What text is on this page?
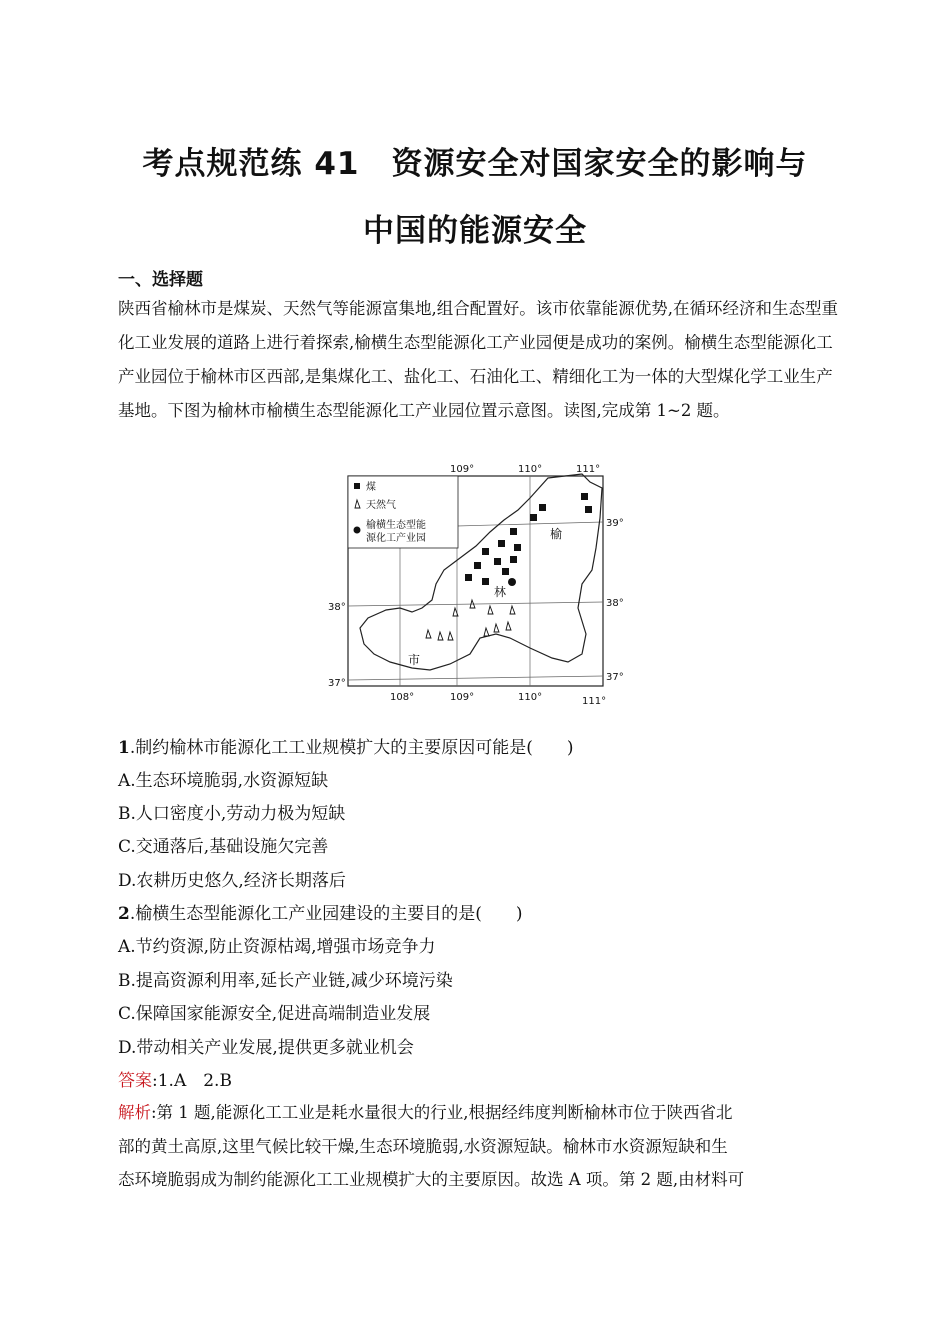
考点规范练 41　资源安全对国家安全的影响与
中国的能源安全
一、选择题
陕西省榆林市是煤炭、天然气等能源富集地,组合配置好。该市依靠能源优势,在循环经济和生态型重化工业发展的道路上进行着探索,榆横生态型能源化工产业园便是成功的案例。榆横生态型能源化工产业园位于榆林市区西部,是集煤化工、盐化工、石油化工、精细化工为一体的大型煤化学工业生产基地。下图为榆林市榆横生态型能源化工产业园位置示意图。读图,完成第 1~2 题。
煤
天然气
榆横生态型能
源化工产业园	榆
林
市
109°	110°	111°
108°	109°	110°	111°
39°
38°
37°
38°
37°
1.制约榆林市能源化工工业规模扩大的主要原因可能是(　　)
A.生态环境脆弱,水资源短缺
B.人口密度小,劳动力极为短缺
C.交通落后,基础设施欠完善
D.农耕历史悠久,经济长期落后
2.榆横生态型能源化工产业园建设的主要目的是(　　)
A.节约资源,防止资源枯竭,增强市场竞争力
B.提高资源利用率,延长产业链,减少环境污染
C.保障国家能源安全,促进高端制造业发展
D.带动相关产业发展,提供更多就业机会
答案:1.A　2.B
解析:第 1 题,能源化工工业是耗水量很大的行业,根据经纬度判断榆林市位于陕西省北
部的黄土高原,这里气候比较干燥,生态环境脆弱,水资源短缺。榆林市水资源短缺和生
态环境脆弱成为制约能源化工工业规模扩大的主要原因。故选 A 项。第 2 题,由材料可
